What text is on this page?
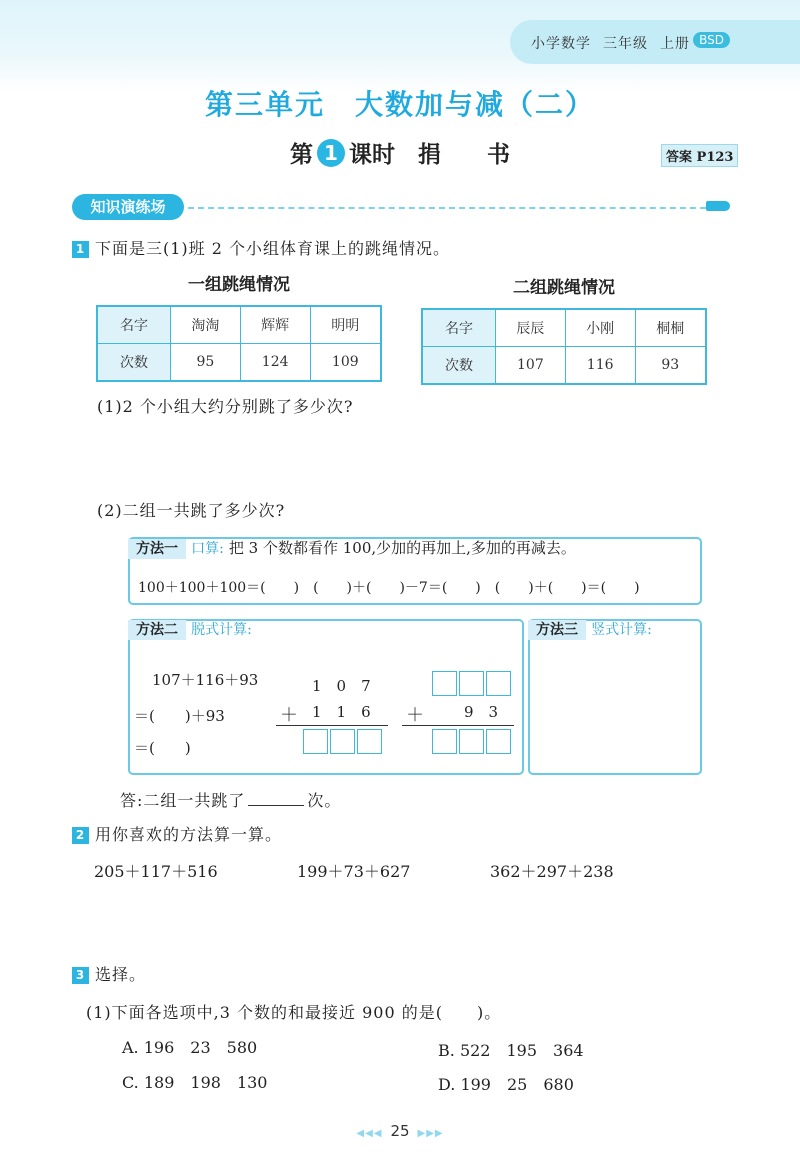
小学数学 三年级 上册 BSD
第三单元　大数加与减（二）
第 1 课时　捐　　书	答案 P123
知识演练场
1 下面是三(1)班 2 个小组体育课上的跳绳情况。
一组跳绳情况	二组跳绳情况
名字	淘淘	辉辉	明明
次数	95	124	109
名字	辰辰	小刚	桐桐
次数	107	116	93
(1)2 个小组大约分别跳了多少次?
(2)二组一共跳了多少次?
方法一 口算: 把 3 个数都看作 100,少加的再加上,多加的再减去。
100＋100＋100＝(　　)　(　　)＋(　　)－7＝(　　)　(　　)＋(　　)＝(　　)
方法二 脱式计算:
107＋116＋93
＝(　　)＋93
＝(　　)
1　0　7
＋ 1　1　6 ＋	9　3
方法三 竖式计算:
答:二组一共跳了	次。
2 用你喜欢的方法算一算。
205＋117＋516	199＋73＋627	362＋297＋238
3 选择。
(1)下面各选项中,3 个数的和最接近 900 的是(　　)。
A. 196　23　580	B. 522　195　364
C. 189　198　130	D. 199　25　680
◀◀◀ 25 ▶▶▶
